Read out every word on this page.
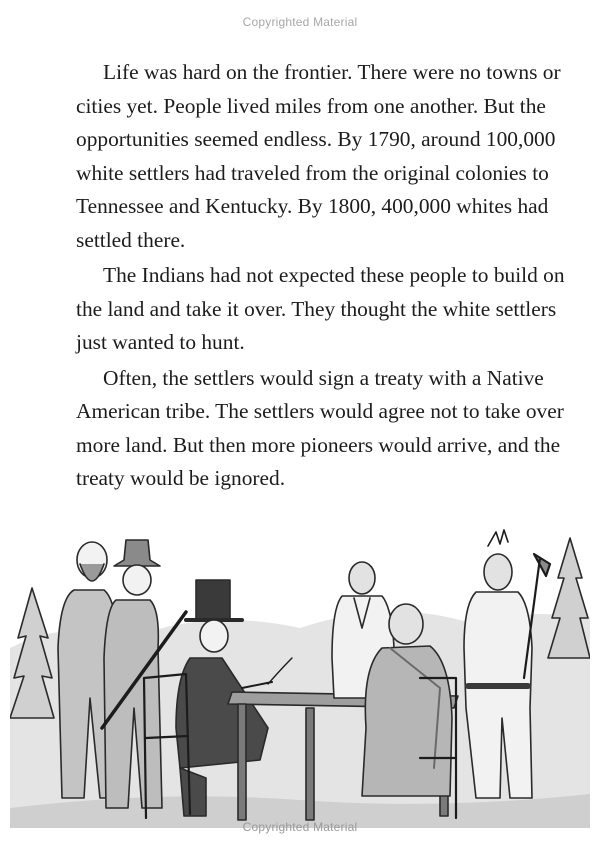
Copyrighted Material

Life was hard on the frontier. There were no towns or cities yet. People lived miles from one another. But the opportunities seemed endless. By 1790, around 100,000 white settlers had traveled from the original colonies to Tennessee and Kentucky. By 1800, 400,000 whites had settled there.

The Indians had not expected these people to build on the land and take it over. They thought the white settlers just wanted to hunt.

Often, the settlers would sign a treaty with a Native American tribe. The settlers would agree not to take over more land. But then more pioneers would arrive, and the treaty would be ignored.

Copyrighted Material
